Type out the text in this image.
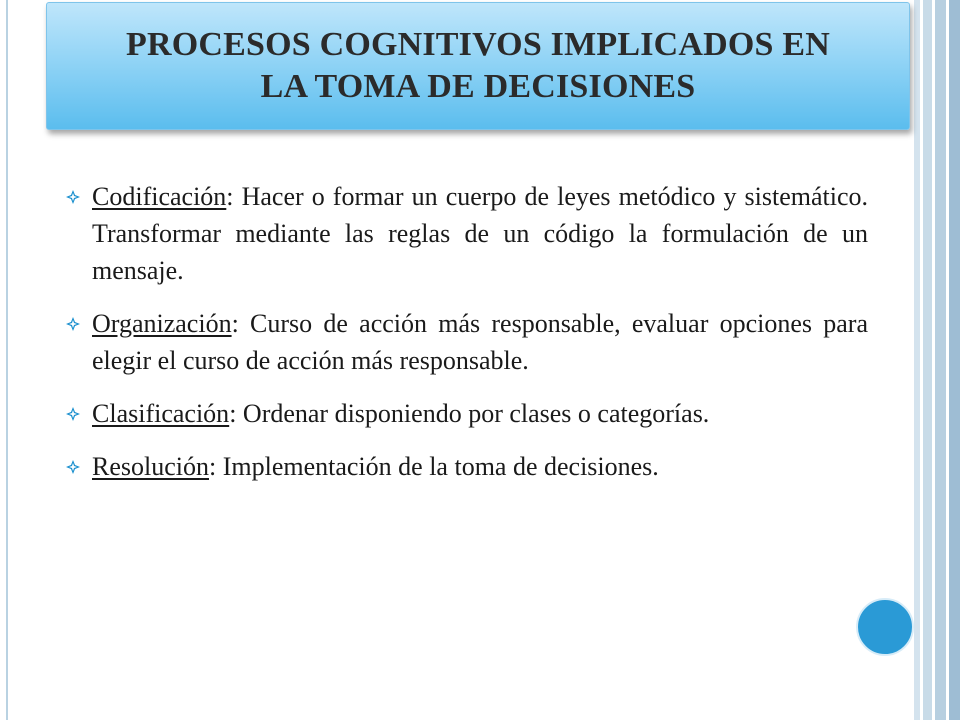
PROCESOS COGNITIVOS IMPLICADOS EN
LA TOMA DE DECISIONES
Codificación: Hacer o formar un cuerpo de leyes metódico y sistemático. Transformar mediante las reglas de un código la formulación de un mensaje.
Organización: Curso de acción más responsable, evaluar opciones para elegir el curso de acción más responsable.
Clasificación: Ordenar disponiendo por clases o categorías.
Resolución: Implementación de la toma de decisiones.
